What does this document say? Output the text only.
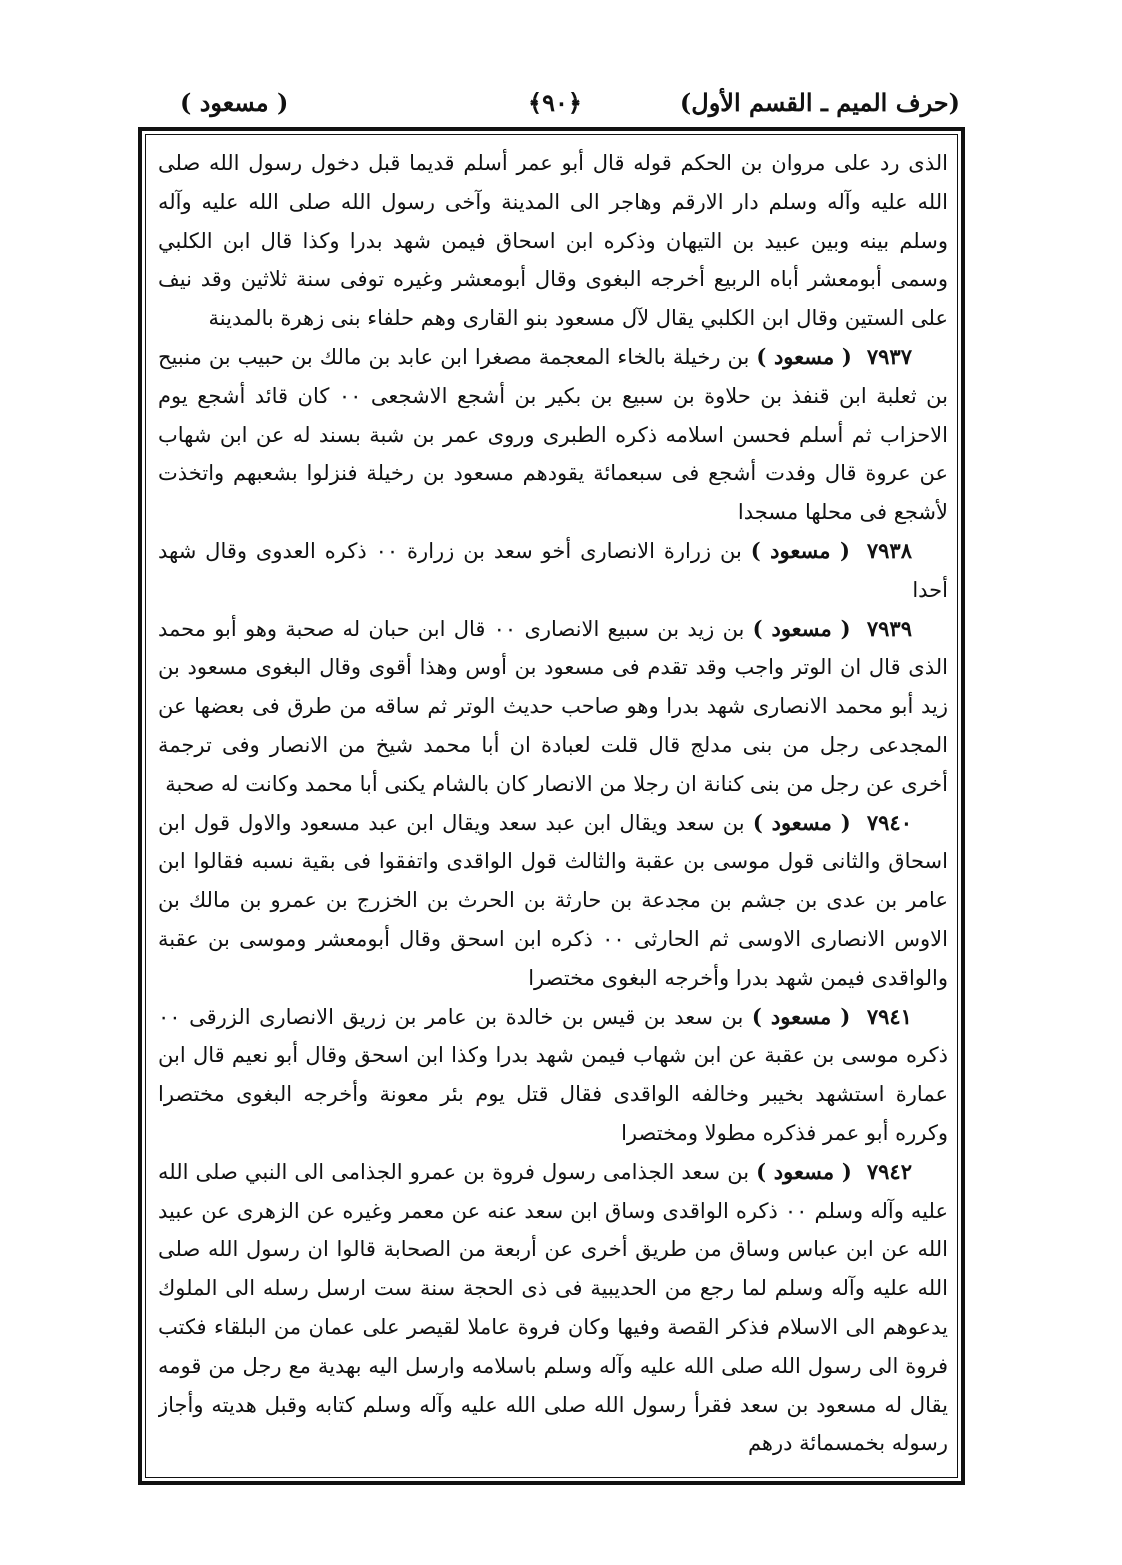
(حرف الميم ـ القسم الأول)
﴿٩٠﴾
( مسعود )

الذى رد على مروان بن الحكم قوله قال أبو عمر أسلم قديما قبل دخول رسول الله صلى الله عليه وآله وسلم دار الارقم وهاجر الى المدينة وآخى رسول الله صلى الله عليه وآله وسلم بينه وبين عبيد بن التيهان وذكره ابن اسحاق فيمن شهد بدرا وكذا قال ابن الكلبي وسمى أبومعشر أباه الربيع أخرجه البغوى وقال أبومعشر وغيره توفى سنة ثلاثين وقد نيف على الستين وقال ابن الكلبي يقال لآل مسعود بنو القارى وهم حلفاء بنى زهرة بالمدينة

٧٩٣٧ ( مسعود ) بن رخيلة بالخاء المعجمة مصغرا ابن عابد بن مالك بن حبيب بن منبيح بن ثعلبة ابن قنفذ بن حلاوة بن سبيع بن بكير بن أشجع الاشجعى ٠٠ كان قائد أشجع يوم الاحزاب ثم أسلم فحسن اسلامه ذكره الطبرى وروى عمر بن شبة بسند له عن ابن شهاب عن عروة قال وفدت أشجع فى سبعمائة يقودهم مسعود بن رخيلة فنزلوا بشعبهم واتخذت لأشجع فى محلها مسجدا

٧٩٣٨ ( مسعود ) بن زرارة الانصارى أخو سعد بن زرارة ٠٠ ذكره العدوى وقال شهد أحدا

٧٩٣٩ ( مسعود ) بن زيد بن سبيع الانصارى ٠٠ قال ابن حبان له صحبة وهو أبو محمد الذى قال ان الوتر واجب وقد تقدم فى مسعود بن أوس وهذا أقوى وقال البغوى مسعود بن زيد أبو محمد الانصارى شهد بدرا وهو صاحب حديث الوتر ثم ساقه من طرق فى بعضها عن المجدعى رجل من بنى مدلج قال قلت لعبادة ان أبا محمد شيخ من الانصار وفى ترجمة أخرى عن رجل من بنى كنانة ان رجلا من الانصار كان بالشام يكنى أبا محمد وكانت له صحبة

٧٩٤٠ ( مسعود ) بن سعد ويقال ابن عبد سعد ويقال ابن عبد مسعود والاول قول ابن اسحاق والثانى قول موسى بن عقبة والثالث قول الواقدى واتفقوا فى بقية نسبه فقالوا ابن عامر بن عدى بن جشم بن مجدعة بن حارثة بن الحرث بن الخزرج بن عمرو بن مالك بن الاوس الانصارى الاوسى ثم الحارثى ٠٠ ذكره ابن اسحق وقال أبومعشر وموسى بن عقبة والواقدى فيمن شهد بدرا وأخرجه البغوى مختصرا

٧٩٤١ ( مسعود ) بن سعد بن قيس بن خالدة بن عامر بن زريق الانصارى الزرقى ٠٠ ذكره موسى بن عقبة عن ابن شهاب فيمن شهد بدرا وكذا ابن اسحق وقال أبو نعيم قال ابن عمارة استشهد بخيبر وخالفه الواقدى فقال قتل يوم بئر معونة وأخرجه البغوى مختصرا وكرره أبو عمر فذكره مطولا ومختصرا

٧٩٤٢ ( مسعود ) بن سعد الجذامى رسول فروة بن عمرو الجذامى الى النبي صلى الله عليه وآله وسلم ٠٠ ذكره الواقدى وساق ابن سعد عنه عن معمر وغيره عن الزهرى عن عبيد الله عن ابن عباس وساق من طريق أخرى عن أربعة من الصحابة قالوا ان رسول الله صلى الله عليه وآله وسلم لما رجع من الحديبية فى ذى الحجة سنة ست ارسل رسله الى الملوك يدعوهم الى الاسلام فذكر القصة وفيها وكان فروة عاملا لقيصر على عمان من البلقاء فكتب فروة الى رسول الله صلى الله عليه وآله وسلم باسلامه وارسل اليه بهدية مع رجل من قومه يقال له مسعود بن سعد فقرأ رسول الله صلى الله عليه وآله وسلم كتابه وقبل هديته وأجاز رسوله بخمسمائة درهم
